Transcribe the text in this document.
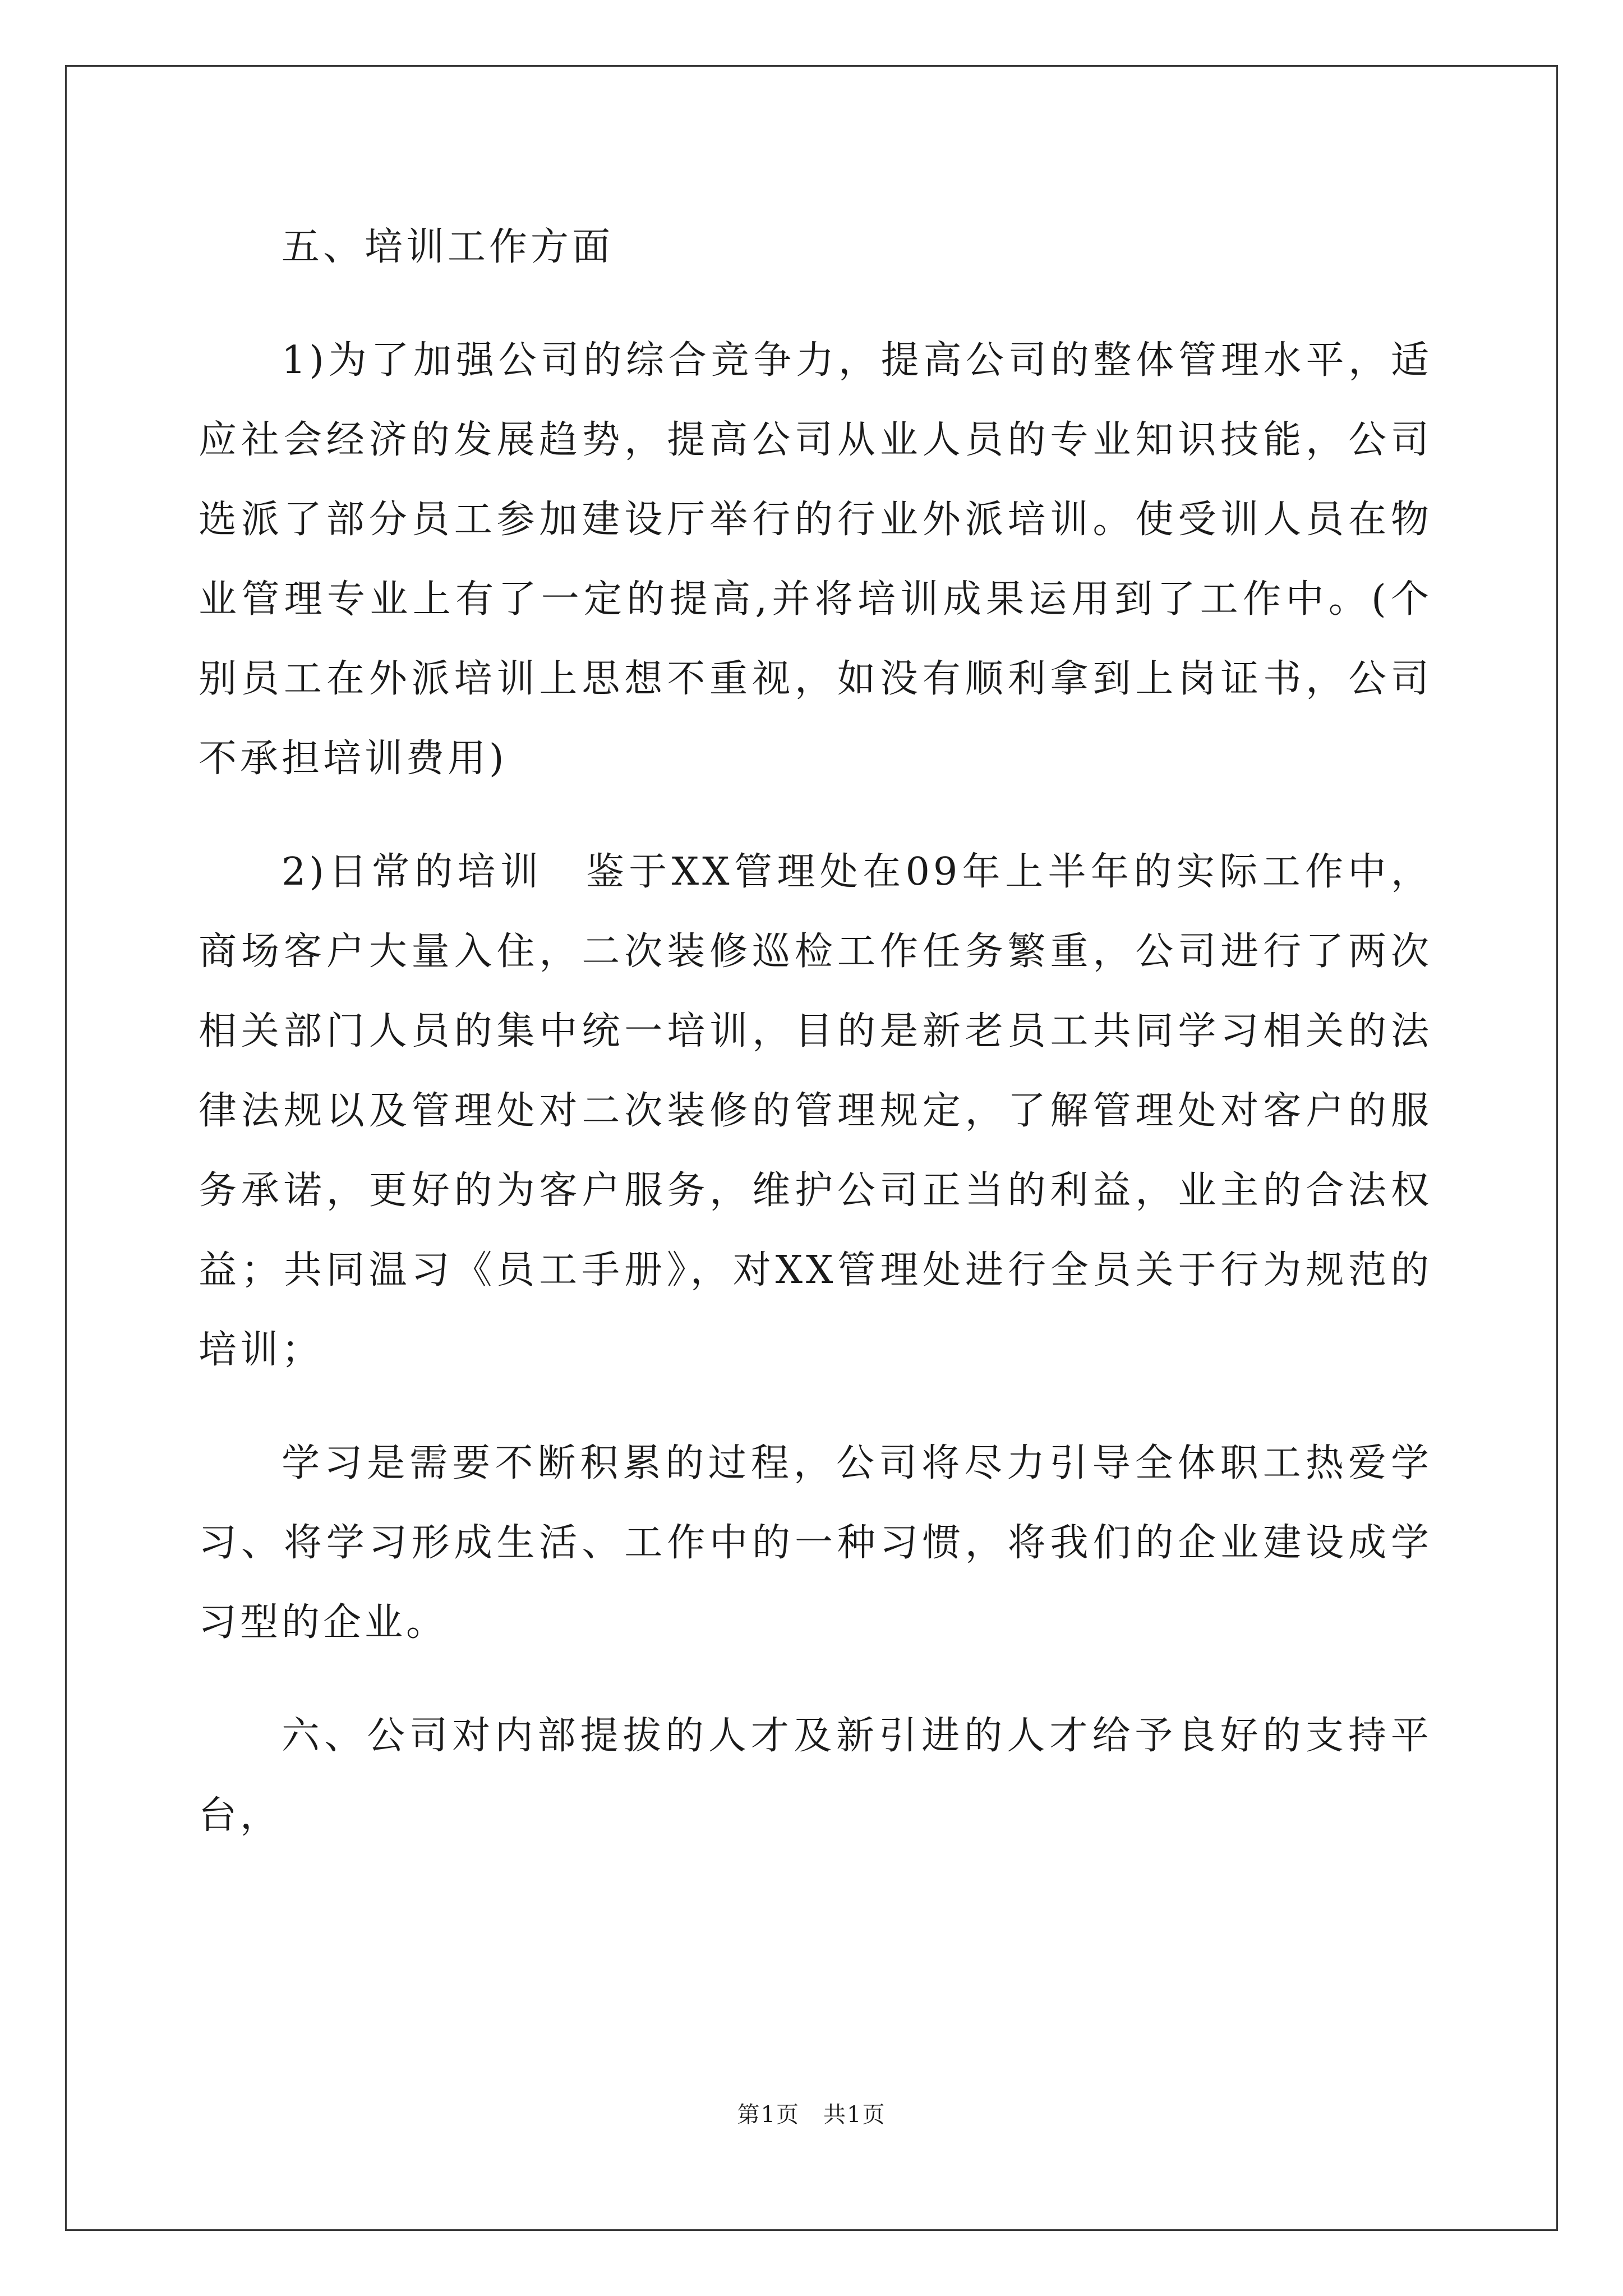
五、培训工作方面

1)为了加强公司的综合竞争力，提高公司的整体管理水平，适应社会经济的发展趋势，提高公司从业人员的专业知识技能，公司选派了部分员工参加建设厅举行的行业外派培训。使受训人员在物业管理专业上有了一定的提高,并将培训成果运用到了工作中。(个别员工在外派培训上思想不重视，如没有顺利拿到上岗证书，公司不承担培训费用)

2)日常的培训　鉴于XX管理处在09年上半年的实际工作中，商场客户大量入住，二次装修巡检工作任务繁重，公司进行了两次相关部门人员的集中统一培训，目的是新老员工共同学习相关的法律法规以及管理处对二次装修的管理规定，了解管理处对客户的服务承诺，更好的为客户服务，维护公司正当的利益，业主的合法权益；共同温习《员工手册》，对XX管理处进行全员关于行为规范的培训；

学习是需要不断积累的过程，公司将尽力引导全体职工热爱学习、将学习形成生活、工作中的一种习惯，将我们的企业建设成学习型的企业。

六、公司对内部提拔的人才及新引进的人才给予良好的支持平台，

第1页　共1页
